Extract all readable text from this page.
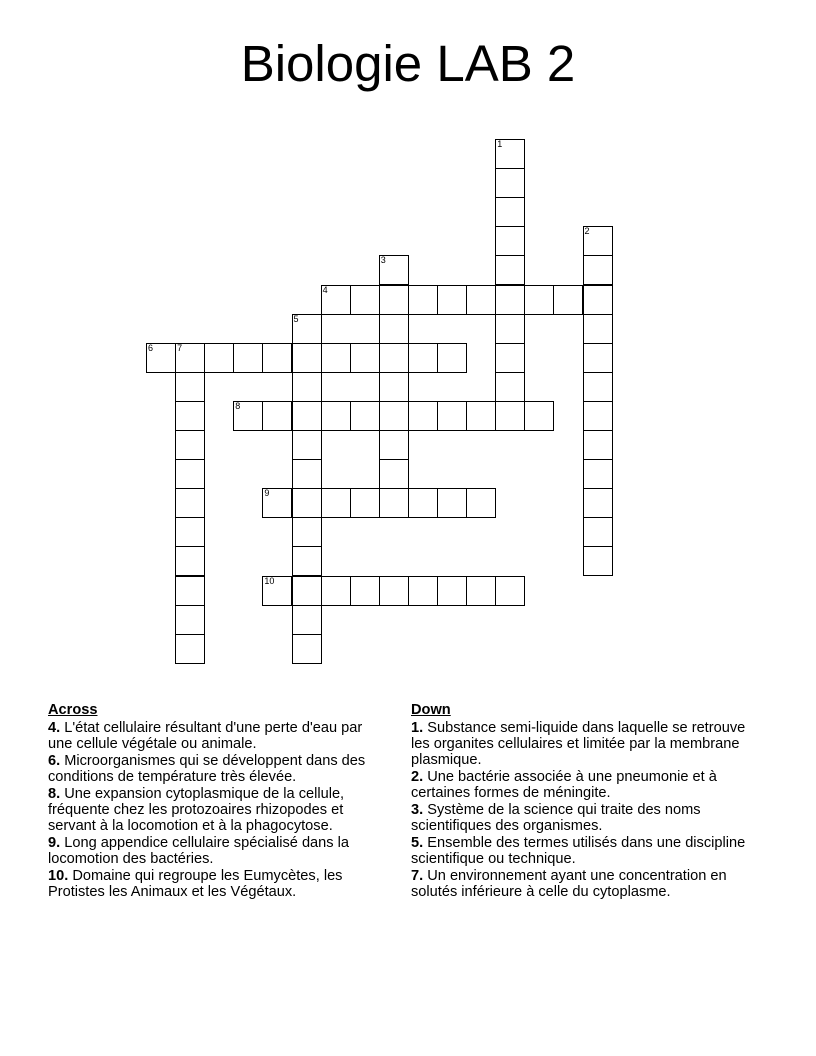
Biologie LAB 2
1
2
3
4
5
6	7
8
9
10
Across
4. L'état cellulaire résultant d'une perte d'eau par une cellule végétale ou animale.
6. Microorganismes qui se développent dans des conditions de température très élevée.
8. Une expansion cytoplasmique de la cellule, fréquente chez les protozoaires rhizopodes et servant à la locomotion et à la phagocytose.
9. Long appendice cellulaire spécialisé dans la locomotion des bactéries.
10. Domaine qui regroupe les Eumycètes, les Protistes les Animaux et les Végétaux.
Down
1. Substance semi-liquide dans laquelle se retrouve les organites cellulaires et limitée par la membrane plasmique.
2. Une bactérie associée à une pneumonie et à certaines formes de méningite.
3. Système de la science qui traite des noms scientifiques des organismes.
5. Ensemble des termes utilisés dans une discipline scientifique ou technique.
7. Un environnement ayant une concentration en solutés inférieure à celle du cytoplasme.
